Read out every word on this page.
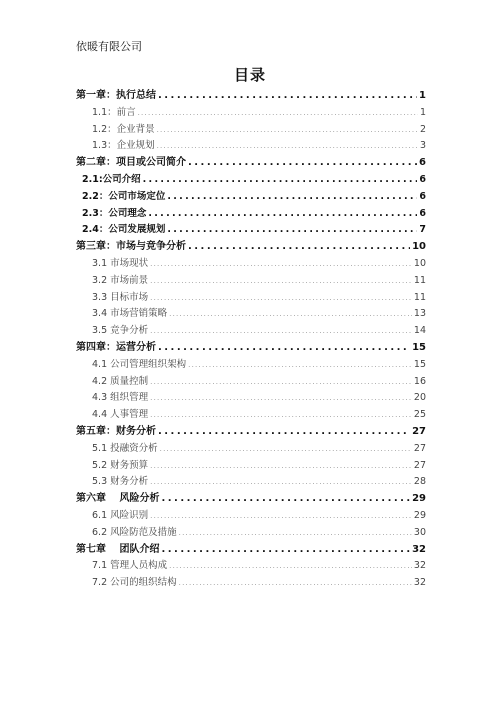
依暖有限公司
目录
第一章：执行总结 . . .	1
1.1：前言 . . .	1
1.2：企业背景 . . .	2
1.3：企业规划 . . .	3
第二章：项目或公司简介 . . .	6
2.1:公司介绍 . . .	6
2.2：公司市场定位 . . .	6
2.3：公司理念 . . .	6
2.4：公司发展规划 . . .	7
第三章：市场与竞争分析 . . .	10
3.1 市场现状 . . .	10
3.2 市场前景 . . .	11
3.3 目标市场 . . .	11
3.4 市场营销策略 . . .	13
3.5 竞争分析 . . .	14
第四章：运营分析 . . .	15
4.1 公司管理组织架构 . . .	15
4.2 质量控制 . . .	16
4.3 组织管理 . . .	20
4.4 人事管理 . . .	25
第五章：财务分析 . . .	27
5.1 投融资分析 . . .	27
5.2 财务预算 . . .	27
5.3 财务分析 . . .	28
第六章　 风险分析 . . .	29
6.1 风险识别 . . .	29
6.2 风险防范及措施 . . .	30
第七章　 团队介绍 . . .	32
7.1 管理人员构成 . . .	32
7.2 公司的组织结构 . . .	32
